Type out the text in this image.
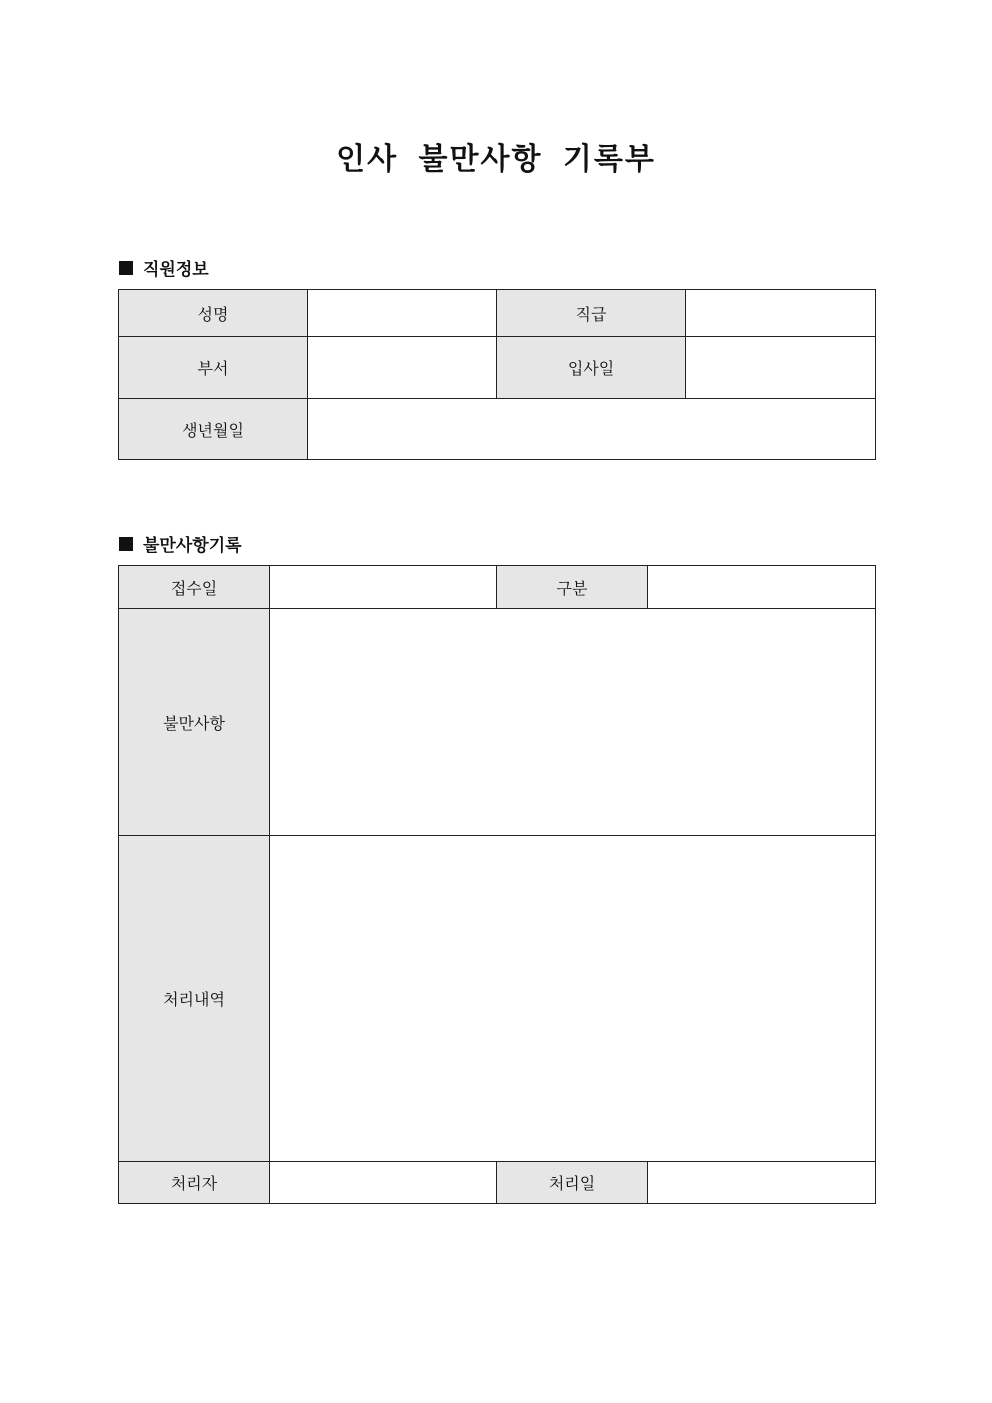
인사 불만사항 기록부
직원정보
성명		직급	
부서		입사일	
생년월일			
불만사항기록
접수일		구분	
불만사항			
처리내역			
처리자		처리일	
